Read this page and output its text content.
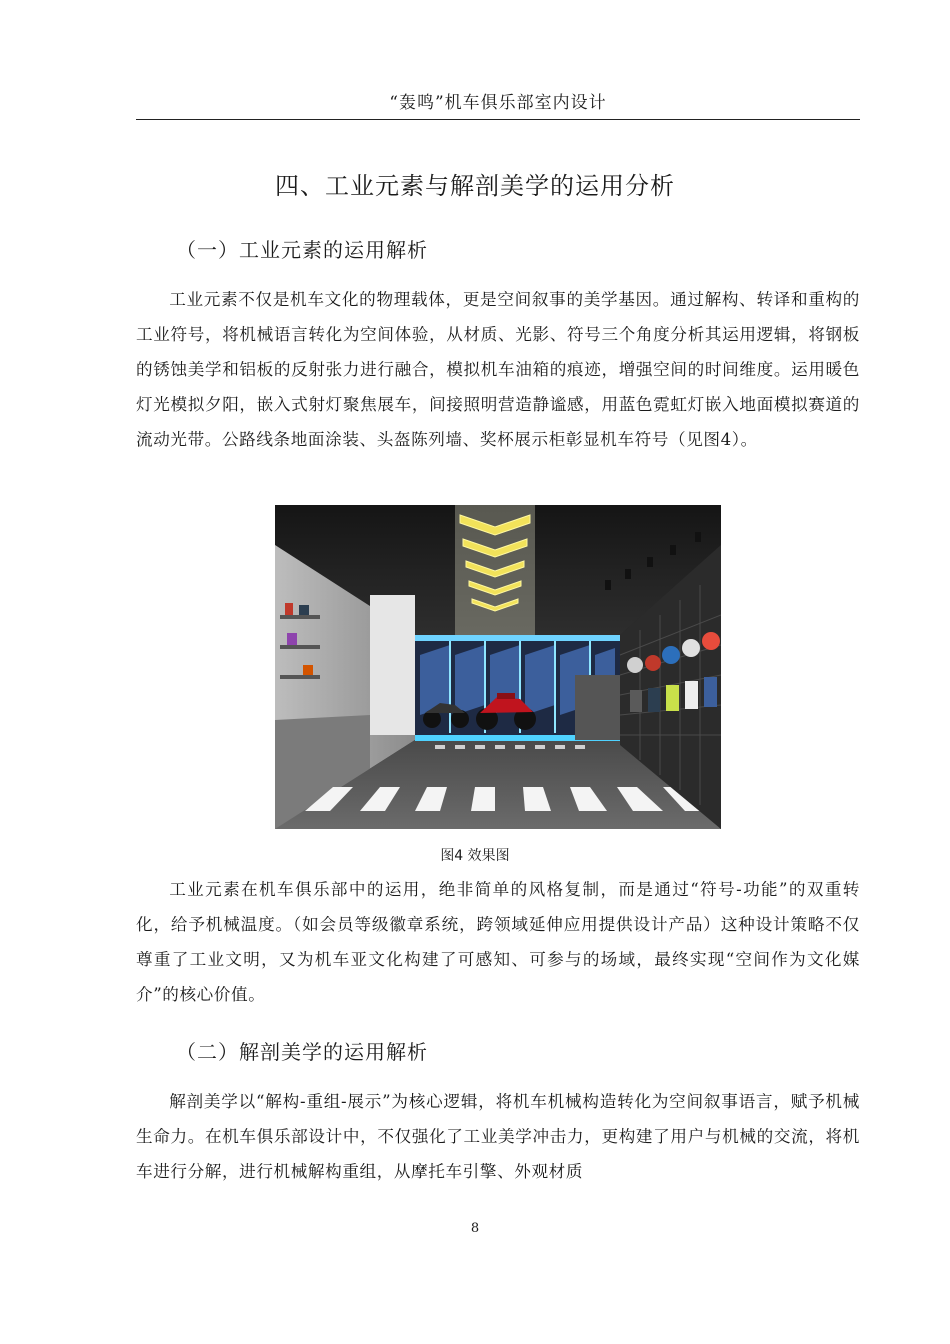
“轰鸣”机车俱乐部室内设计
四、工业元素与解剖美学的运用分析
（一）工业元素的运用解析
工业元素不仅是机车文化的物理载体，更是空间叙事的美学基因。通过解构、转译和重构的工业符号，将机械语言转化为空间体验，从材质、光影、符号三个角度分析其运用逻辑，将钢板的锈蚀美学和铝板的反射张力进行融合，模拟机车油箱的痕迹，增强空间的时间维度。运用暖色灯光模拟夕阳，嵌入式射灯聚焦展车，间接照明营造静谧感，用蓝色霓虹灯嵌入地面模拟赛道的流动光带。公路线条地面涂装、头盔陈列墙、奖杯展示柜彰显机车符号（见图4）。
图4 效果图
工业元素在机车俱乐部中的运用，绝非简单的风格复制，而是通过“符号-功能”的双重转化，给予机械温度。（如会员等级徽章系统，跨领域延伸应用提供设计产品）这种设计策略不仅尊重了工业文明，又为机车亚文化构建了可感知、可参与的场域，最终实现“空间作为文化媒介”的核心价值。
（二）解剖美学的运用解析
解剖美学以“解构-重组-展示”为核心逻辑，将机车机械构造转化为空间叙事语言，赋予机械生命力。在机车俱乐部设计中，不仅强化了工业美学冲击力，更构建了用户与机械的交流，将机车进行分解，进行机械解构重组，从摩托车引擎、外观材质
8
